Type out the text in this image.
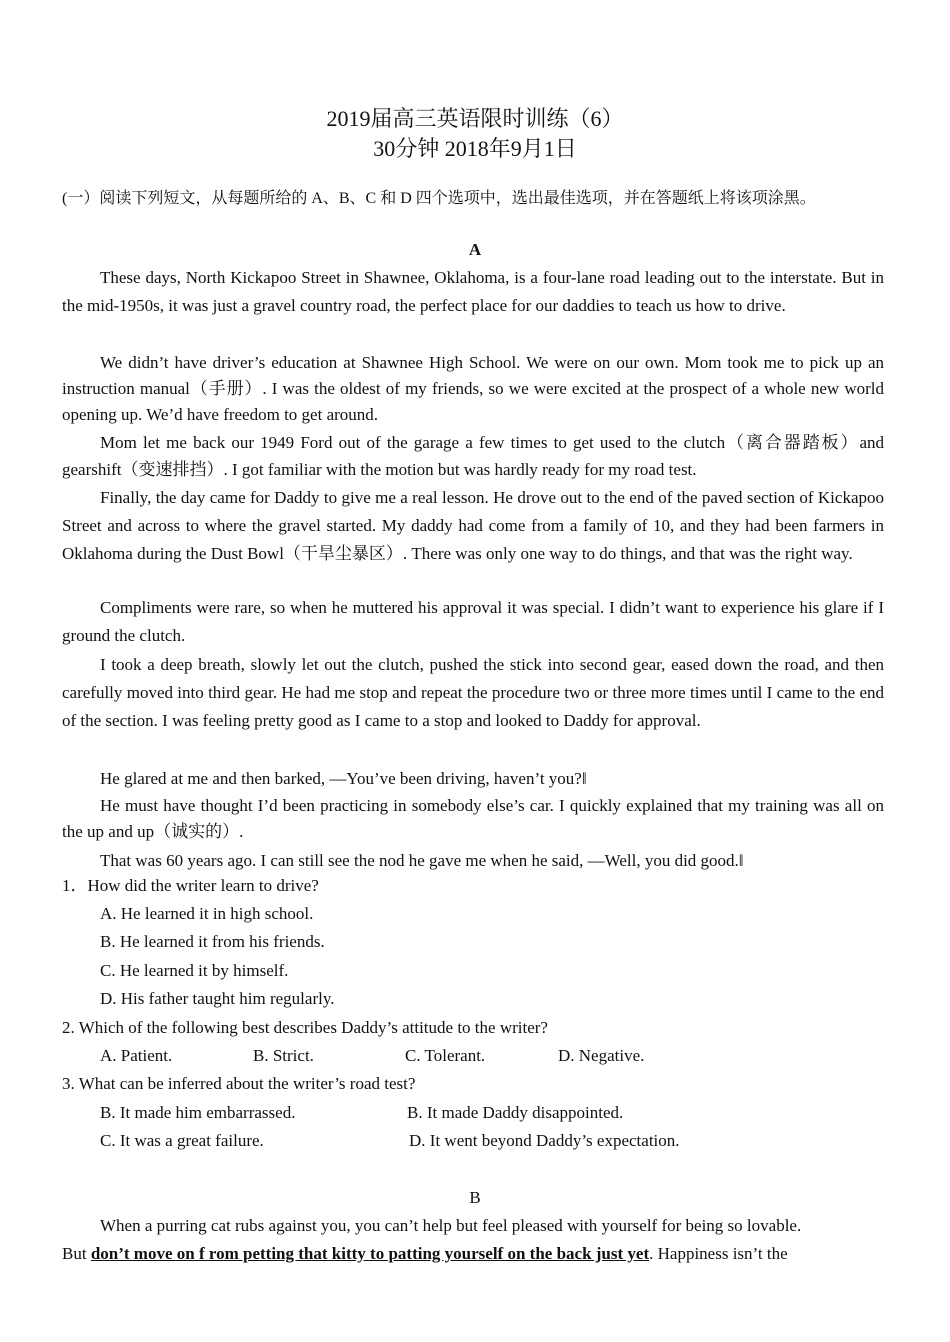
2019届高三英语限时训练（6）
30分钟 2018年9月1日
(一）阅读下列短文，从每题所给的 A、B、C 和 D 四个选项中，选出最佳选项，并在答题纸上将该项涂黑。
A

These days, North Kickapoo Street in Shawnee, Oklahoma, is a four-lane road leading out to the interstate. But in the mid-1950s, it was just a gravel country road, the perfect place for our daddies to teach us how to drive.

We didn’t have driver’s education at Shawnee High School. We were on our own. Mom took me to pick up an instruction manual（手册）. I was the oldest of my friends, so we were excited at the prospect of a whole new world opening up. We’d have freedom to get around.

Mom let me back our 1949 Ford out of the garage a few times to get used to the clutch（离合器踏板）and gearshift（变速排挡）. I got familiar with the motion but was hardly ready for my road test.

Finally, the day came for Daddy to give me a real lesson. He drove out to the end of the paved section of Kickapoo Street and across to where the gravel started. My daddy had come from a family of 10, and they had been farmers in Oklahoma during the Dust Bowl（干旱尘暴区）. There was only one way to do things, and that was the right way.

Compliments were rare, so when he muttered his approval it was special. I didn’t want to experience his glare if I ground the clutch.

I took a deep breath, slowly let out the clutch, pushed the stick into second gear, eased down the road, and then carefully moved into third gear. He had me stop and repeat the procedure two or three more times until I came to the end of the section. I was feeling pretty good as I came to a stop and looked to Daddy for approval.

He glared at me and then barked, ―You’ve been driving, haven’t you?‖

He must have thought I’d been practicing in somebody else’s car. I quickly explained that my training was all on the up and up（诚实的）.

That was 60 years ago. I can still see the nod he gave me when he said, ―Well, you did good.‖

1．How did the writer learn to drive?
A. He learned it in high school.
B. He learned it from his friends.
C. He learned it by himself.
D. His father taught him regularly.
2. Which of the following best describes Daddy’s attitude to the writer?
A. Patient.	B. Strict.	C. Tolerant.	D. Negative.
3. What can be inferred about the writer’s road test?
B. It made him embarrassed.	B. It made Daddy disappointed.
C. It was a great failure.	D. It went beyond Daddy’s expectation.
B
When a purring cat rubs against you, you can’t help but feel pleased with yourself for being so lovable.
But don’t move on f rom petting that kitty to patting yourself on the back just yet. Happiness isn’t the
